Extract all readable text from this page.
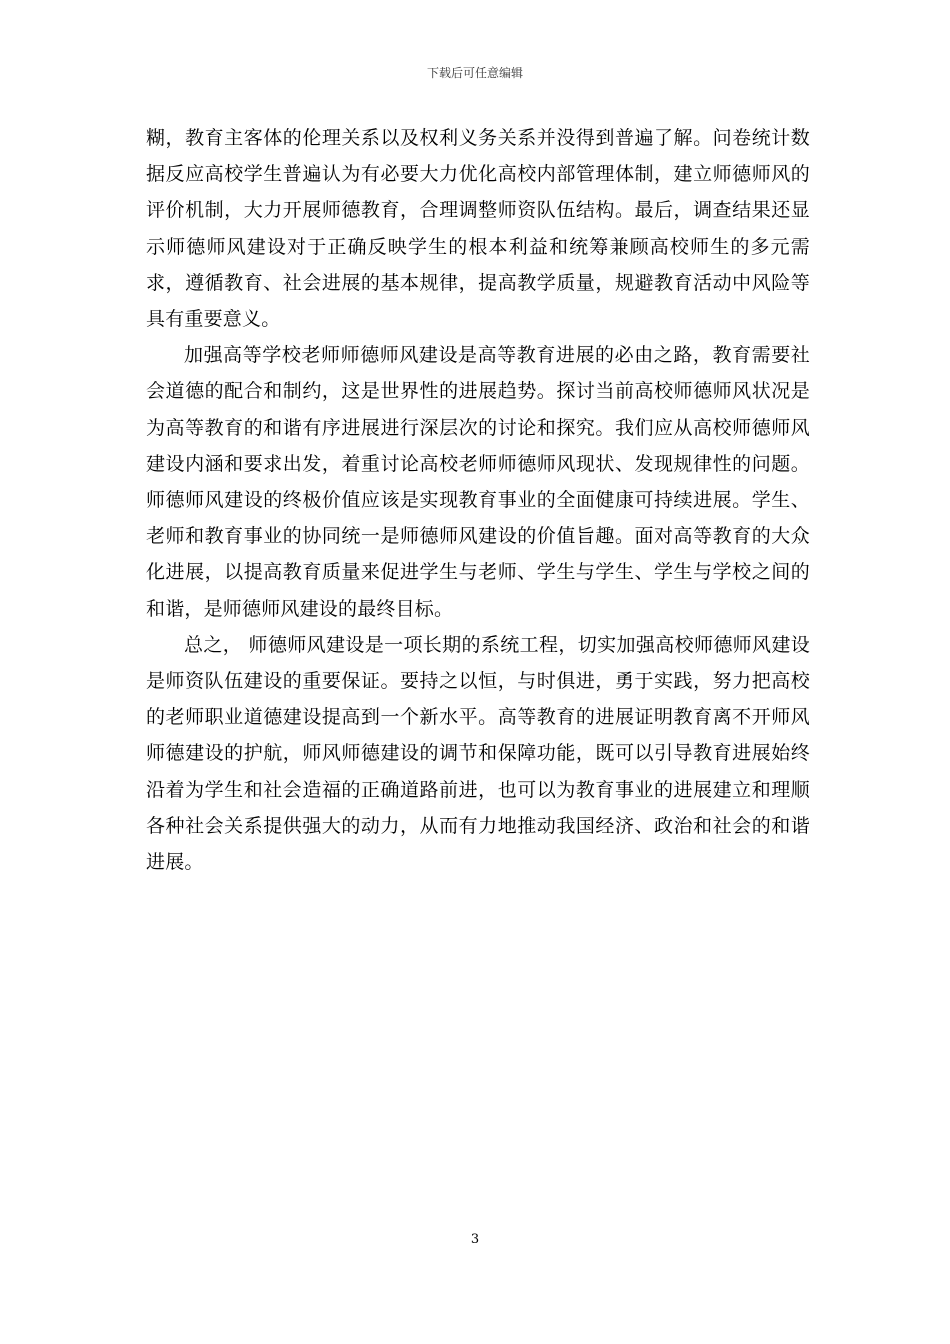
下载后可任意编辑

糊，教育主客体的伦理关系以及权利义务关系并没得到普遍了解。问卷统计数据反应高校学生普遍认为有必要大力优化高校内部管理体制，建立师德师风的评价机制，大力开展师德教育，合理调整师资队伍结构。最后，调查结果还显示师德师风建设对于正确反映学生的根本利益和统筹兼顾高校师生的多元需求，遵循教育、社会进展的基本规律，提高教学质量，规避教育活动中风险等具有重要意义。

加强高等学校老师师德师风建设是高等教育进展的必由之路，教育需要社会道德的配合和制约，这是世界性的进展趋势。探讨当前高校师德师风状况是为高等教育的和谐有序进展进行深层次的讨论和探究。我们应从高校师德师风建设内涵和要求出发，着重讨论高校老师师德师风现状、发现规律性的问题。师德师风建设的终极价值应该是实现教育事业的全面健康可持续进展。学生、老师和教育事业的协同统一是师德师风建设的价值旨趣。面对高等教育的大众化进展，以提高教育质量来促进学生与老师、学生与学生、学生与学校之间的和谐，是师德师风建设的最终目标。

总之， 师德师风建设是一项长期的系统工程，切实加强高校师德师风建设是师资队伍建设的重要保证。要持之以恒，与时俱进，勇于实践，努力把高校的老师职业道德建设提高到一个新水平。高等教育的进展证明教育离不开师风师德建设的护航，师风师德建设的调节和保障功能，既可以引导教育进展始终沿着为学生和社会造福的正确道路前进，也可以为教育事业的进展建立和理顺各种社会关系提供强大的动力，从而有力地推动我国经济、政治和社会的和谐进展。

3
